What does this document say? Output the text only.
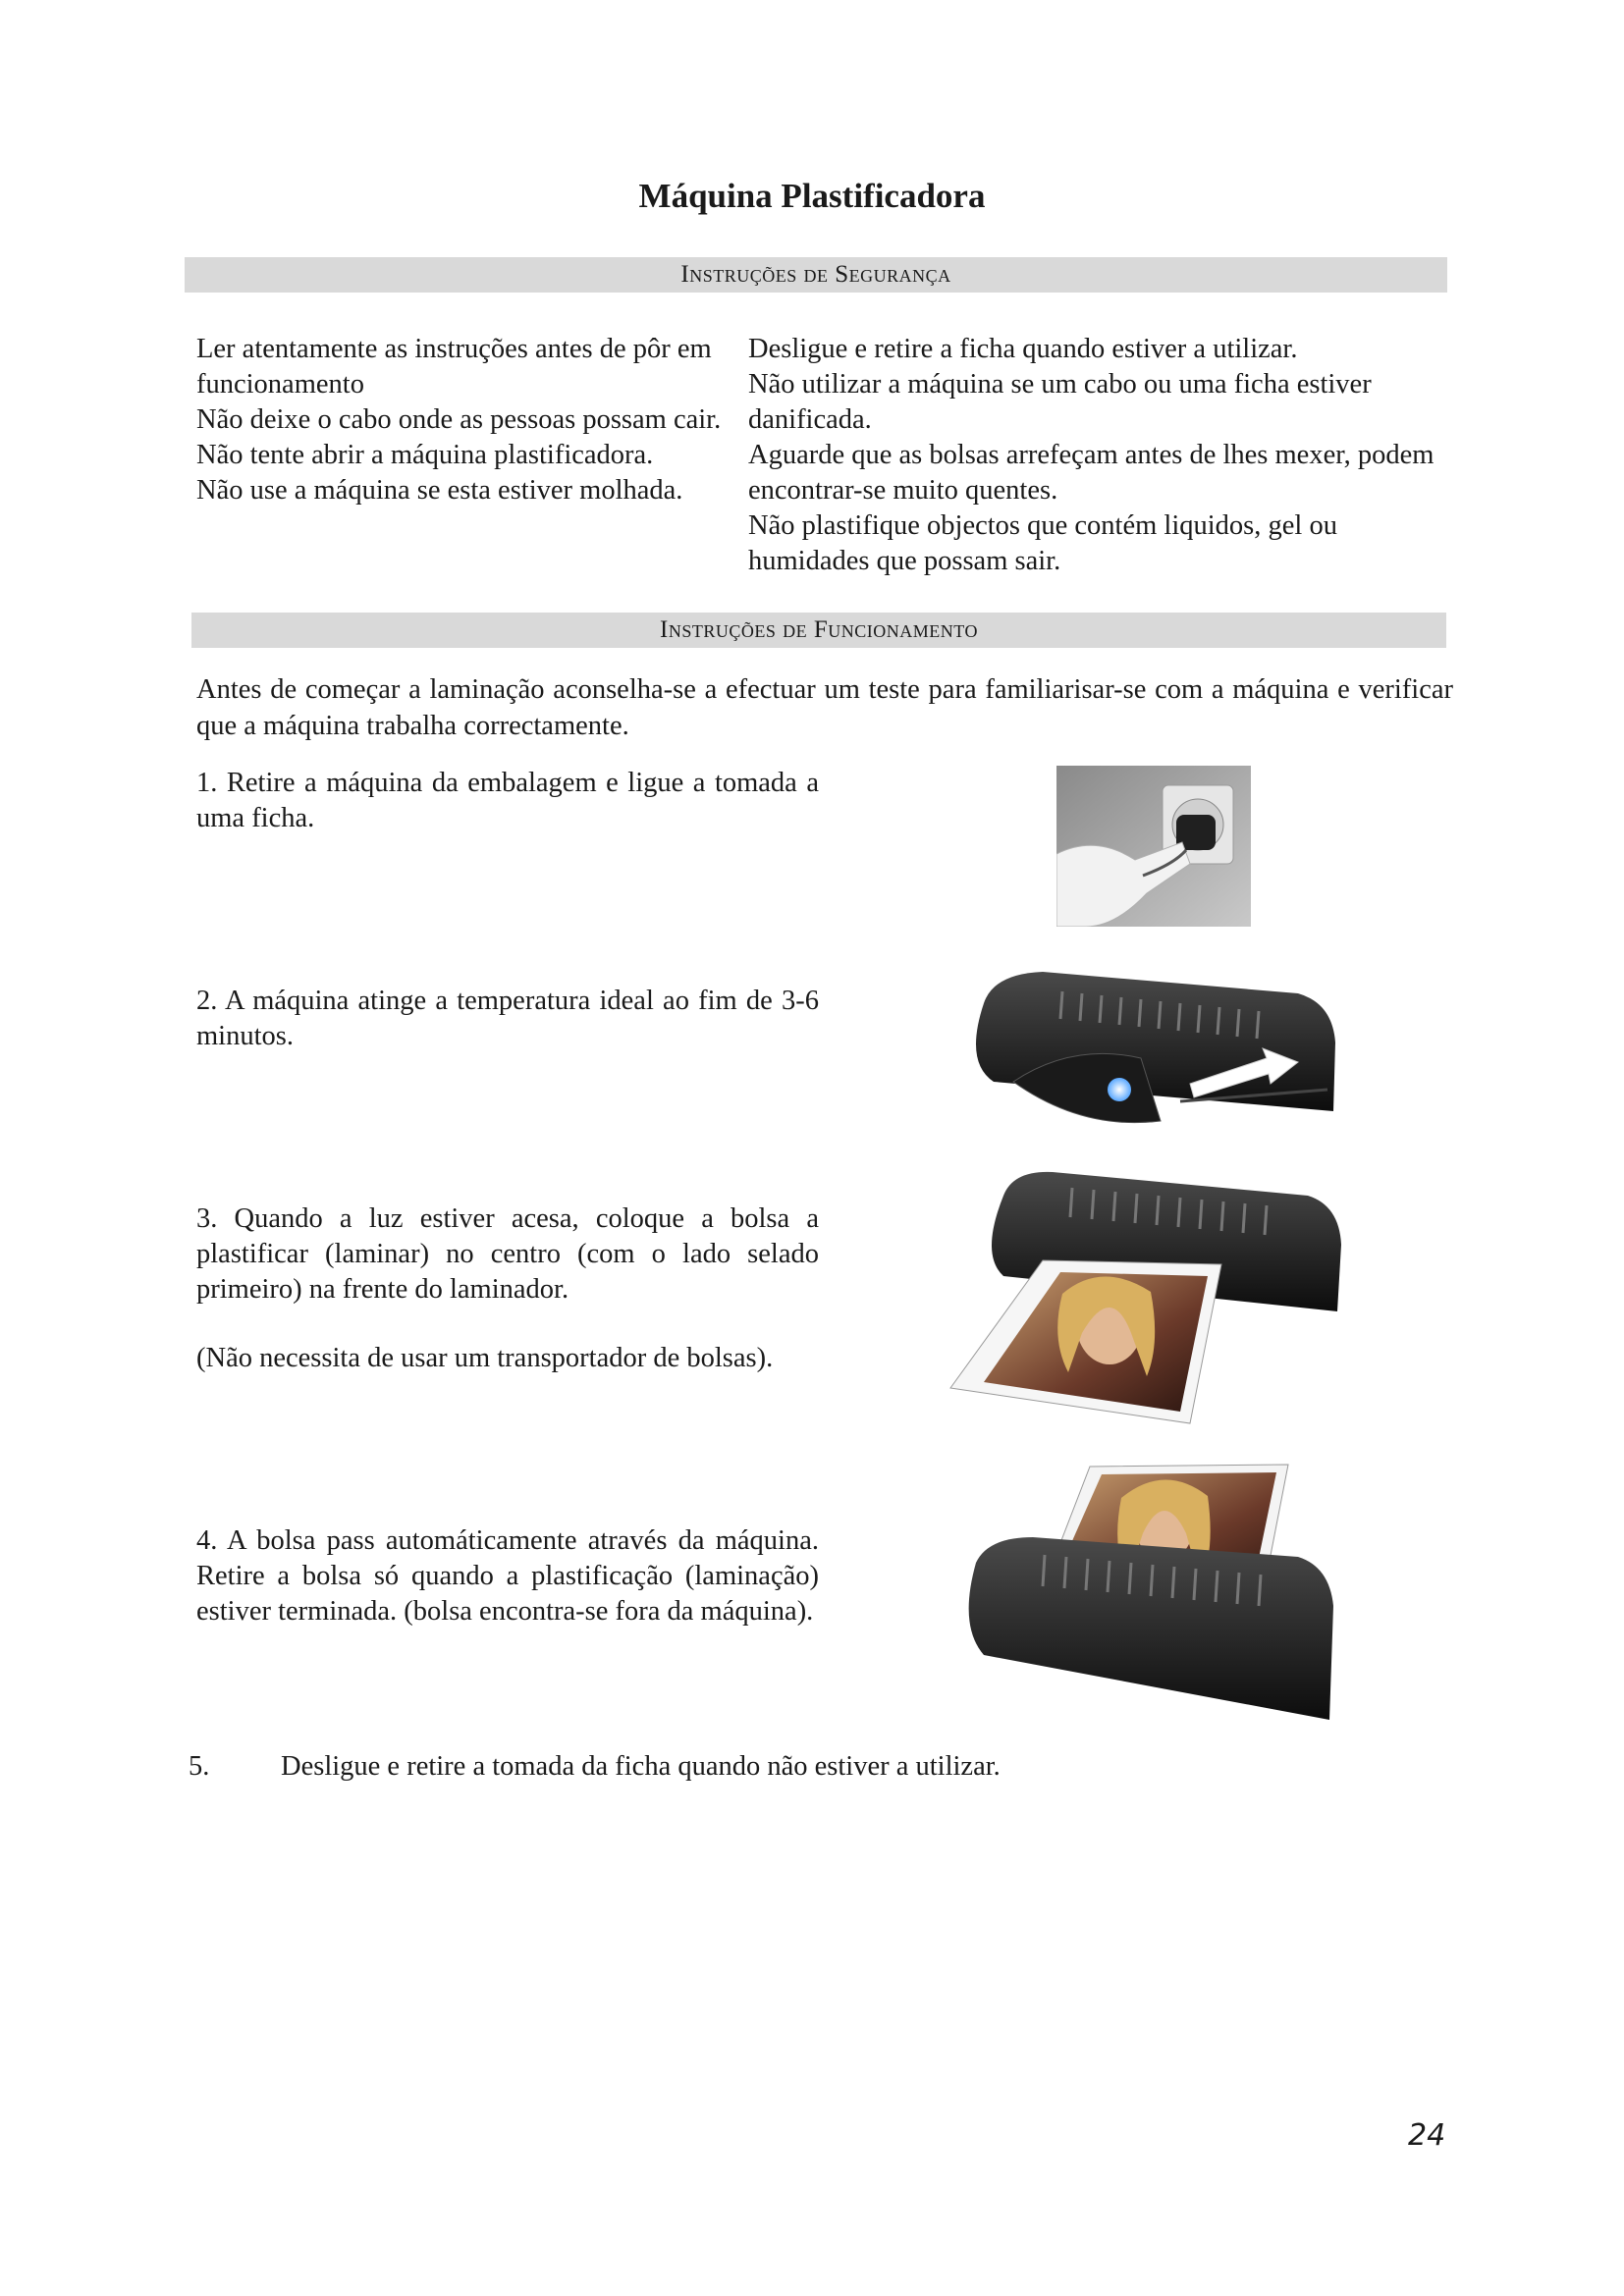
Máquina Plastificadora
Instruções de Segurança

Ler atentamente as instruções antes de pôr em funcionamento

Não deixe o cabo onde as pessoas possam cair.

Não tente abrir a máquina plastificadora.

Não use a máquina se esta estiver molhada.

Desligue e retire a ficha quando estiver a utilizar.

Não utilizar a máquina se um cabo ou uma ficha estiver danificada.

Aguarde que as bolsas arrefeçam antes de lhes mexer, podem encontrar-se muito quentes.

Não plastifique objectos que contém liquidos, gel ou humidades que possam sair.

Instruções de Funcionamento
Antes de começar a laminação aconselha-se a efectuar um teste para familiarisar-se com a máquina e verificar que a máquina trabalha correctamente.

1. Retire a máquina da embalagem e ligue a tomada a uma ficha.

2. A máquina atinge a temperatura ideal ao fim de 3-6 minutos.

3. Quando a luz estiver acesa, coloque a bolsa a plastificar (laminar) no centro (com o lado selado primeiro) na frente do laminador.

(Não necessita de usar um transportador de bolsas).

4. A bolsa pass automáticamente através da máquina. Retire a bolsa só quando a plastificação (laminação) estiver terminada. (bolsa encontra-se fora da máquina).

5.	Desligue e retire a tomada da ficha quando não estiver a utilizar.
24
